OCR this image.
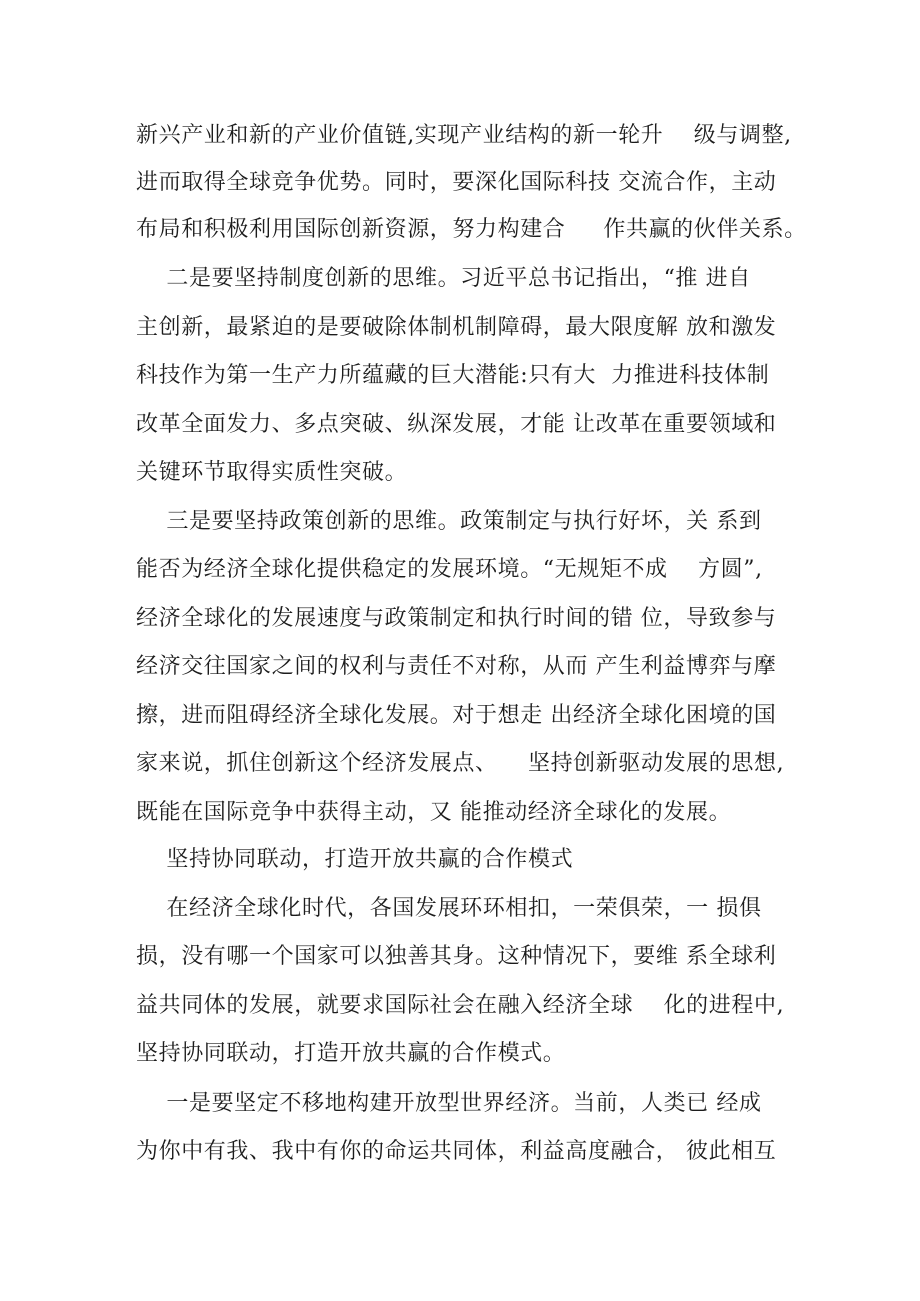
新兴产业和新的产业价值链,实现产业结构的新一轮升    级与调整,

进而取得全球竞争优势。同时，要深化国际科技 交流合作，主动

布局和积极利用国际创新资源，努力构建合     作共赢的伙伴关系。

二是要坚持制度创新的思维。习近平总书记指出，“推 进自

主创新，最紧迫的是要破除体制机制障碍，最大限度解 放和激发

科技作为第一生产力所蕴藏的巨大潜能:只有大  力推进科技体制

改革全面发力、多点突破、纵深发展，才能 让改革在重要领域和

关键环节取得实质性突破。

三是要坚持政策创新的思维。政策制定与执行好坏，关 系到

能否为经济全球化提供稳定的发展环境。“无规矩不成    方圆”,

经济全球化的发展速度与政策制定和执行时间的错 位，导致参与

经济交往国家之间的权利与责任不对称，从而 产生利益博弈与摩

擦，进而阻碍经济全球化发展。对于想走 出经济全球化困境的国

家来说，抓住创新这个经济发展点、    坚持创新驱动发展的思想,

既能在国际竞争中获得主动，又 能推动经济全球化的发展。

坚持协同联动，打造开放共赢的合作模式

在经济全球化时代，各国发展环环相扣，一荣俱荣，一 损俱

损，没有哪一个国家可以独善其身。这种情况下，要维 系全球利

益共同体的发展，就要求国际社会在融入经济全球    化的进程中,

坚持协同联动，打造开放共赢的合作模式。

一是要坚定不移地构建开放型世界经济。当前，人类已 经成

为你中有我、我中有你的命运共同体，利益高度融合， 彼此相互
